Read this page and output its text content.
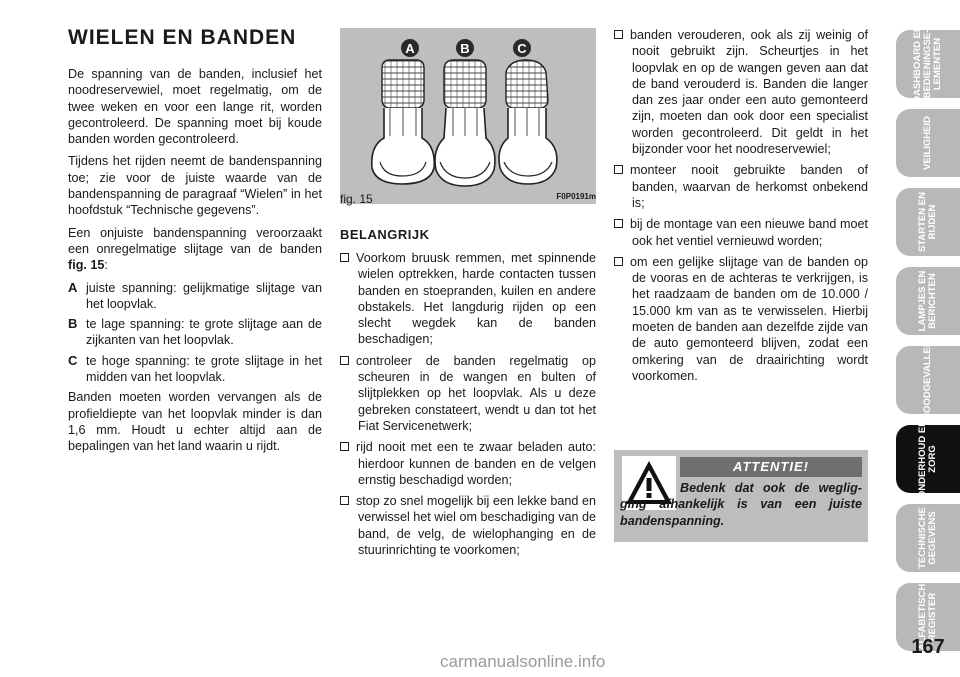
WIELEN EN BANDEN

De spanning van de banden, inclusief het noodreservewiel, moet regelmatig, om de twee weken en voor een lange rit, worden gecontroleerd. De spanning moet bij koude banden worden gecontroleerd.

Tijdens het rijden neemt de bandenspanning toe; zie voor de juiste waarde van de bandenspanning de paragraaf “Wielen” in het hoofdstuk “Technische gegevens”.

Een onjuiste bandenspanning veroorzaakt een onregelmatige slijtage van de banden fig. 15:

A juiste spanning: gelijkmatige slijtage van het loopvlak.

B te lage spanning: te grote slijtage aan de zijkanten van het loopvlak.

C te hoge spanning: te grote slijtage in het midden van het loopvlak.

Banden moeten worden vervangen als de profieldiepte van het loopvlak minder is dan 1,6 mm. Houdt u echter altijd aan de bepalingen van het land waarin u rijdt.

A	B	C
fig. 15	F0P0191m

BELANGRIJK

Voorkom bruusk remmen, met spinnende wielen optrekken, harde contacten tussen banden en stoepranden, kuilen en andere obstakels. Het langdurig rijden op een slecht wegdek kan de banden beschadigen;

controleer de banden regelmatig op scheuren in de wangen en bulten of slijtplekken op het loopvlak. Als u deze gebreken constateert, wendt u dan tot het Fiat Servicenetwerk;

rijd nooit met een te zwaar beladen auto: hierdoor kunnen de banden en de velgen ernstig beschadigd worden;

stop zo snel mogelijk bij een lekke band en verwissel het wiel om beschadiging van de band, de velg, de wielophanging en de stuurinrichting te voorkomen;

banden verouderen, ook als zij weinig of nooit gebruikt zijn. Scheurtjes in het loopvlak en op de wangen geven aan dat de band verouderd is. Banden die langer dan zes jaar onder een auto gemonteerd zijn, moeten dan ook door een specialist worden gecontroleerd. Dit geldt in het bijzonder voor het noodreservewiel;

monteer nooit gebruikte banden of banden, waarvan de herkomst onbekend is;

bij de montage van een nieuwe band moet ook het ventiel vernieuwd worden;

om een gelijke slijtage van de banden op de vooras en de achteras te verkrijgen, is het raadzaam de banden om de 10.000 / 15.000 km van as te verwisselen. Hierbij moeten de banden aan dezelfde zijde van de auto gemonteerd blijven, zodat een omkering van de draairichting wordt voorkomen.

ATTENTIE!
Bedenk dat ook de weglig-ging afhankelijk is van een juiste bandenspanning.
DASHBOARD EN
BEDIENINGSE-
LEMENTEN
VEILIGHEID
STARTEN EN
RIJDEN
LAMPJES EN
BERICHTEN
NOODGEVALLEN
ONDERHOUD EN
ZORG
TECHNISCHE
GEGEVENS
ALFABETISCH
REGISTER
167
carmanualsonline.info
